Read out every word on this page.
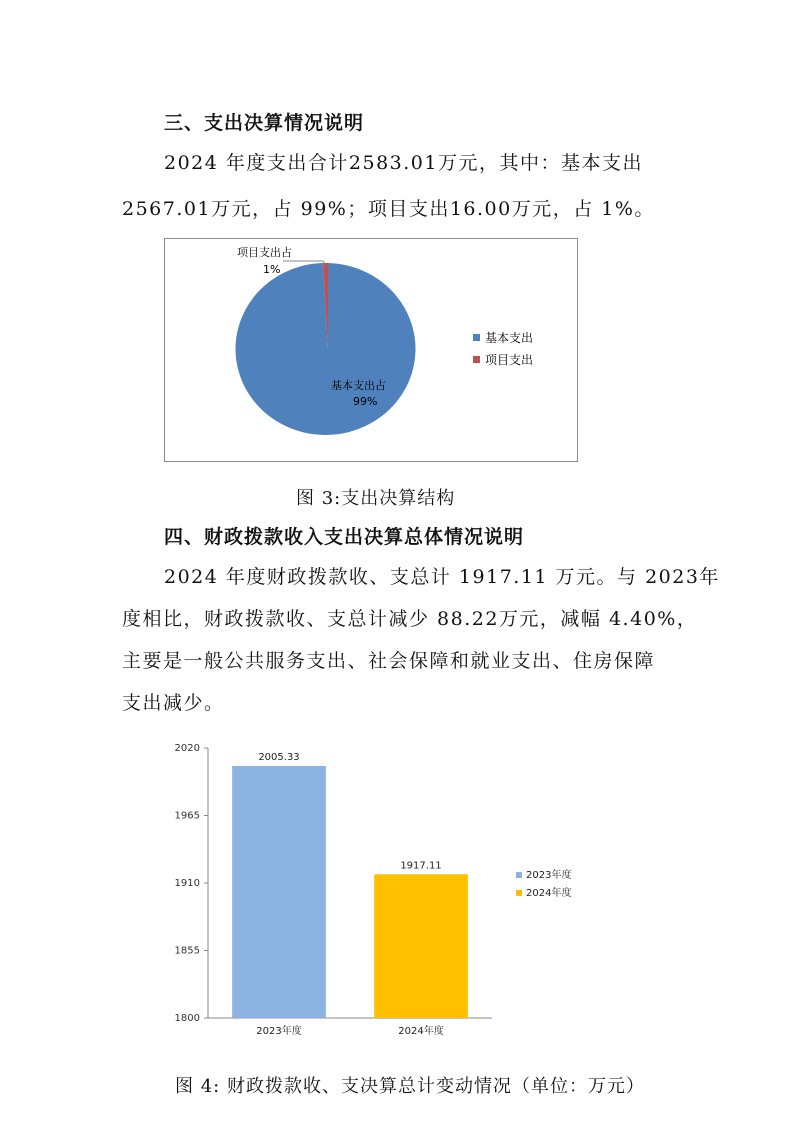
三、支出决算情况说明
2024 年度支出合计2583.01万元，其中：基本支出
2567.01万元，占 99%；项目支出16.00万元，占 1%。
项目支出占
1%
基本支出占
99%
基本支出
项目支出
图 3:支出决算结构
四、财政拨款收入支出决算总体情况说明
2024 年度财政拨款收、支总计 1917.11 万元。与 2023年
度相比，财政拨款收、支总计减少 88.22万元，减幅 4.40%，
主要是一般公共服务支出、社会保障和就业支出、住房保障
支出减少。
2020
1965
1910
1855
1800
2005.33
2023年度
1917.11
2024年度
2023年度
2024年度
图 4: 财政拨款收、支决算总计变动情况（单位：万元）
